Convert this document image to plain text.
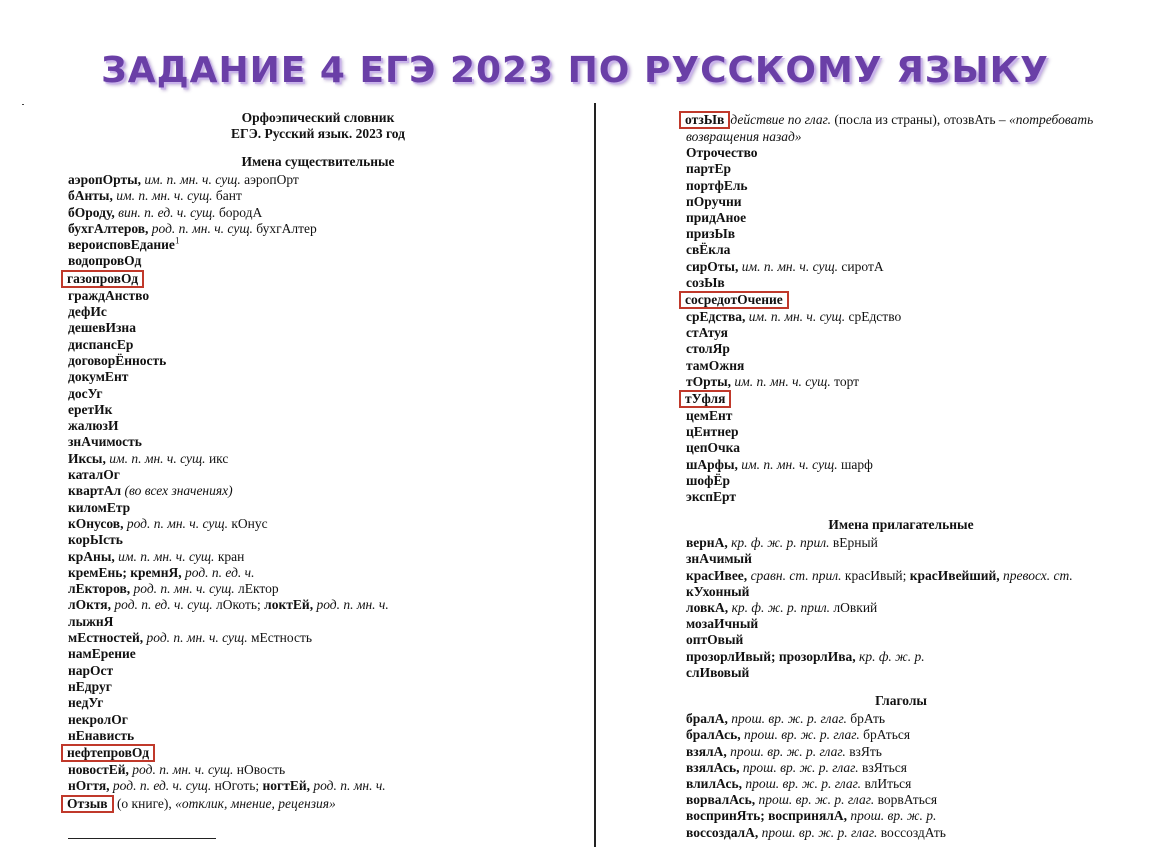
ЗАДАНИЕ 4 ЕГЭ 2023 ПО РУССКОМУ ЯЗЫКУ
Орфоэпический словник
ЕГЭ. Русский язык. 2023 год
Имена существительные
аэропОрты, им. п. мн. ч. сущ. аэропОрт
бАнты, им. п. мн. ч. сущ. бант
бОроду, вин. п. ед. ч. сущ. бородА
бухгАлтеров, род. п. мн. ч. сущ. бухгАлтер
вероисповЕдание$^1$
водопровОд
газопровОд
граждАнство
дефИс
дешевИзна
диспансЕр
договорЁнность
докумЕнт
досУг
еретИк
жалюзИ
знАчимость
Иксы, им. п. мн. ч. сущ. икс
каталОг
квартАл (во всех значениях)
киломЕтр
кОнусов, род. п. мн. ч. сущ. кОнус
корЫсть
крАны, им. п. мн. ч. сущ. кран
кремЕнь; кремнЯ, род. п. ед. ч.
лЕкторов, род. п. мн. ч. сущ. лЕктор
лОктя, род. п. ед. ч. сущ. лОкоть; локтЕй, род. п. мн. ч.
лыжнЯ
мЕстностей, род. п. мн. ч. сущ. мЕстность
намЕрение
нарОст
нЕдруг
недУг
некролОг
нЕнависть
нефтепровОд
новостЕй, род. п. мн. ч. сущ. нОвость
нОгтя, род. п. ед. ч. сущ. нОготь; ногтЕй, род. п. мн. ч.
Отзыв (о книге), «отклик, мнение, рецензия»
отзЫв действие по глаг. (посла из страны), отозвАть – «потребовать
возвращения назад»
Отрочество
партЕр
портфЕль
пОручни
придАное
призЫв
свЁкла
сирОты, им. п. мн. ч. сущ. сиротА
созЫв
сосредотОчение
срЕдства, им. п. мн. ч. сущ. срЕдство
стАтуя
столЯр
тамОжня
тОрты, им. п. мн. ч. сущ. торт
тУфля
цемЕнт
цЕнтнер
цепОчка
шАрфы, им. п. мн. ч. сущ. шарф
шофЁр
экспЕрт
Имена прилагательные
вернА, кр. ф. ж. р. прил. вЕрный
знАчимый
красИвее, сравн. ст. прил. красИвый; красИвейший, превосх. ст.
кУхонный
ловкА, кр. ф. ж. р. прил. лОвкий
мозаИчный
оптОвый
прозорлИвый; прозорлИва, кр. ф. ж. р.
слИвовый
Глаголы
бралА, прош. вр. ж. р. глаг. брАть
бралАсь, прош. вр. ж. р. глаг. брАться
взялА, прош. вр. ж. р. глаг. взЯть
взялАсь, прош. вр. ж. р. глаг. взЯться
влилАсь, прош. вр. ж. р. глаг. влИться
ворвалАсь, прош. вр. ж. р. глаг. ворвАться
воспринЯть; воспринялА, прош. вр. ж. р.
воссоздалА, прош. вр. ж. р. глаг. воссоздАть
